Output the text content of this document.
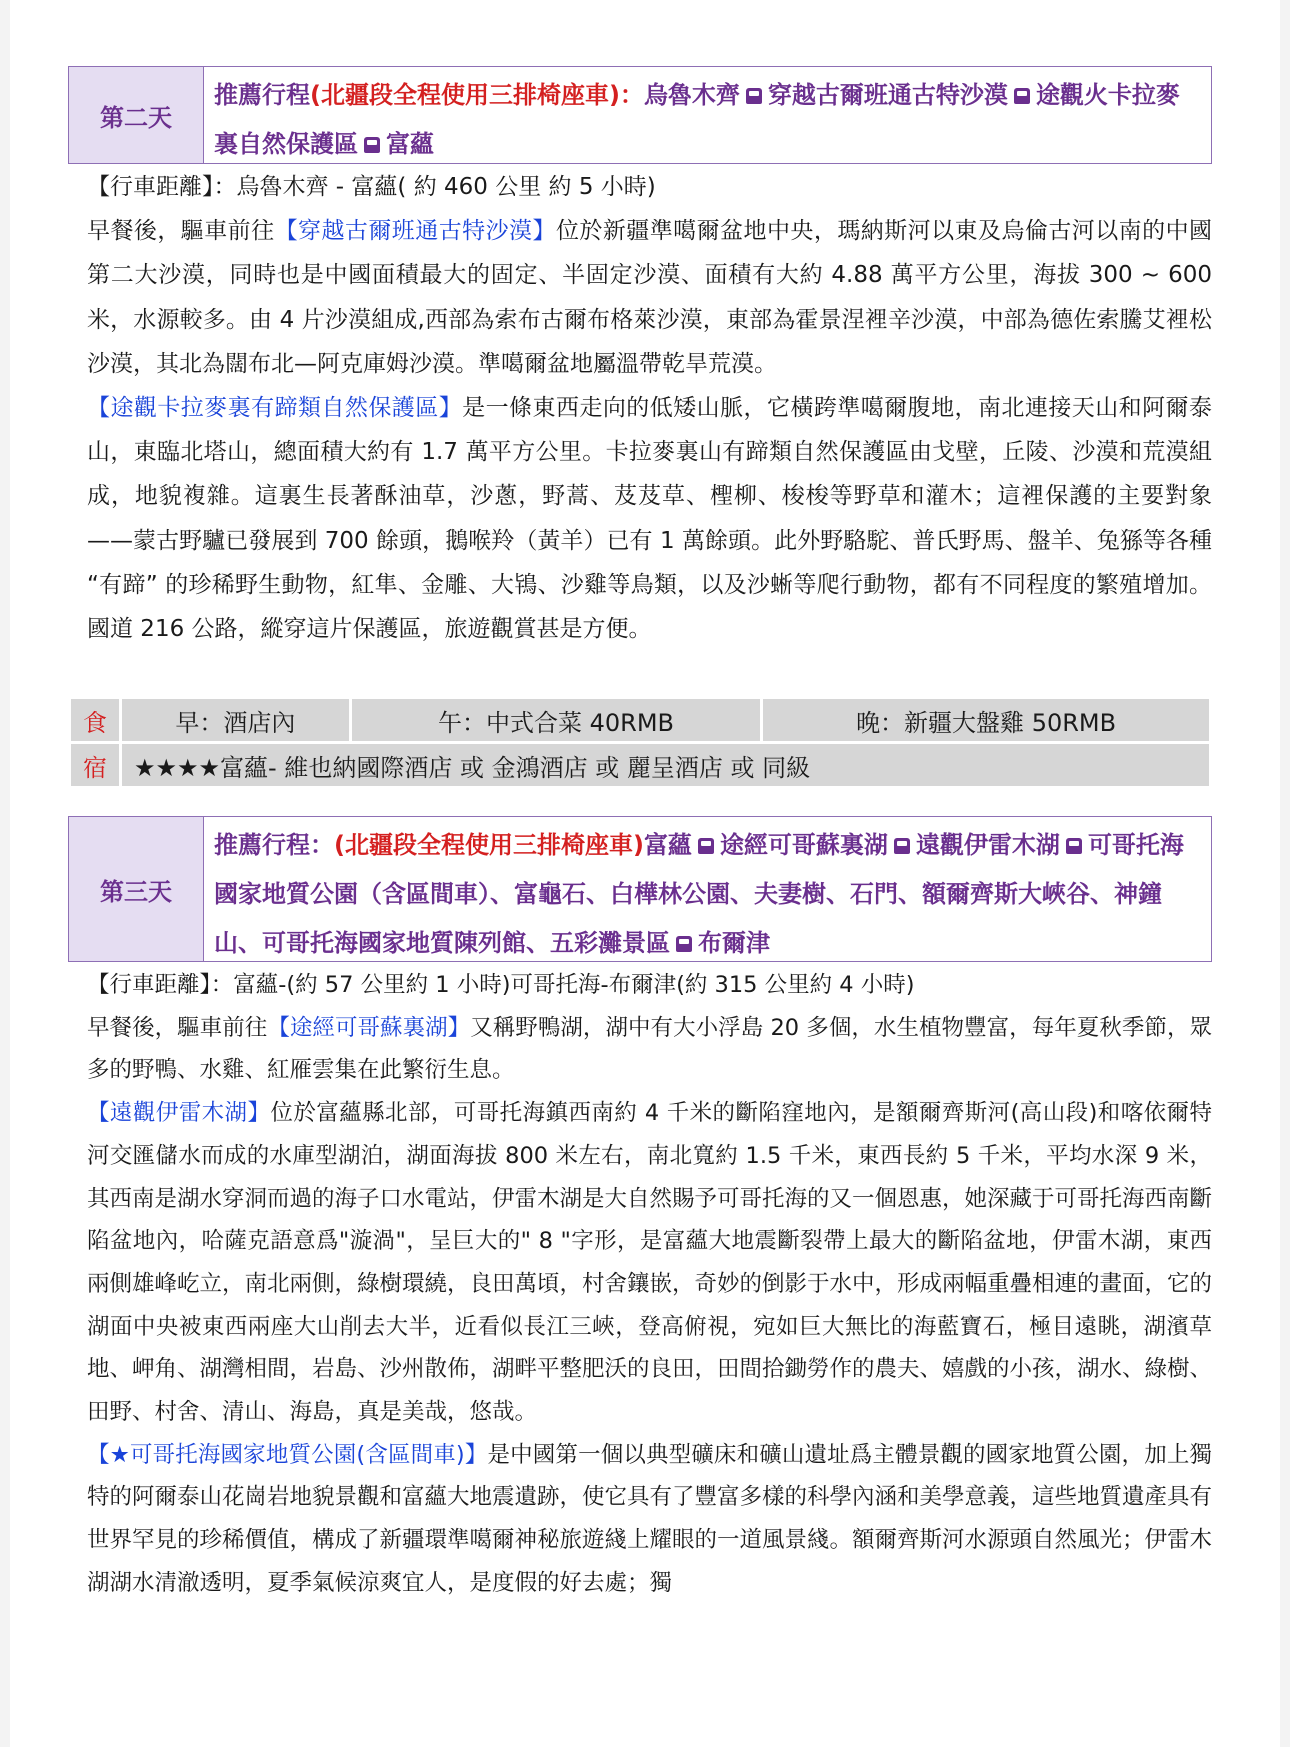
第二天
推薦行程(北疆段全程使用三排椅座車)：烏魯木齊 穿越古爾班通古特沙漠 途觀火卡拉麥裏自然保護區 富蘊

【行車距離】：烏魯木齊 - 富蘊( 約 460 公里 約 5 小時)

早餐後，驅車前往【穿越古爾班通古特沙漠】位於新疆準噶爾盆地中央，瑪納斯河以東及烏倫古河以南的中國第二大沙漠，同時也是中國面積最大的固定、半固定沙漠、面積有大約 4.88 萬平方公里，海拔 300 ~ 600 米，水源較多。由 4 片沙漠組成,西部為索布古爾布格萊沙漠，東部為霍景涅裡辛沙漠，中部為德佐索騰艾裡松沙漠，其北為闊布北—阿克庫姆沙漠。準噶爾盆地屬溫帶乾旱荒漠。

【途觀卡拉麥裏有蹄類自然保護區】是一條東西走向的低矮山脈，它橫跨準噶爾腹地，南北連接天山和阿爾泰山，東臨北塔山，總面積大約有 1.7 萬平方公里。卡拉麥裏山有蹄類自然保護區由戈壁，丘陵、沙漠和荒漠組成，地貌複雜。這裏生長著酥油草，沙蔥，野蒿、芨芨草、檉柳、梭梭等野草和灌木；這裡保護的主要對象——蒙古野驢已發展到 700 餘頭，鵝喉羚（黃羊）已有 1 萬餘頭。此外野駱駝、普氏野馬、盤羊、兔猻等各種 “有蹄” 的珍稀野生動物，紅隼、金雕、大鴇、沙雞等鳥類，以及沙蜥等爬行動物，都有不同程度的繁殖增加。國道 216 公路，縱穿這片保護區，旅遊觀賞甚是方便。

食	早：酒店內	午：中式合菜 40RMB	晚：新疆大盤雞 50RMB
宿	★★★★富蘊- 維也納國際酒店 或 金鴻酒店 或 麗呈酒店 或 同級		
第三天
推薦行程：(北疆段全程使用三排椅座車)富蘊 途經可哥蘇裏湖 遠觀伊雷木湖 可哥托海國家地質公園（含區間車）、富龜石、白樺林公園、夫妻樹、石門、額爾齊斯大峽谷、神鐘山、可哥托海國家地質陳列館、五彩灘景區 布爾津

【行車距離】：富蘊-(約 57 公里約 1 小時)可哥托海-布爾津(約 315 公里約 4 小時)

早餐後，驅車前往【途經可哥蘇裏湖】又稱野鴨湖，湖中有大小浮島 20 多個，水生植物豐富，每年夏秋季節，眾多的野鴨、水雞、紅雁雲集在此繁衍生息。

【遠觀伊雷木湖】位於富蘊縣北部，可哥托海鎮西南約 4 千米的斷陷窪地內，是額爾齊斯河(高山段)和喀依爾特河交匯儲水而成的水庫型湖泊，湖面海拔 800 米左右，南北寬約 1.5 千米，東西長約 5 千米，平均水深 9 米，其西南是湖水穿洞而過的海子口水電站，伊雷木湖是大自然賜予可哥托海的又一個恩惠，她深藏于可哥托海西南斷陷盆地內，哈薩克語意爲"漩渦"，呈巨大的" 8 "字形，是富蘊大地震斷裂帶上最大的斷陷盆地，伊雷木湖，東西兩側雄峰屹立，南北兩側，綠樹環繞，良田萬頃，村舍鑲嵌，奇妙的倒影于水中，形成兩幅重疊相連的畫面，它的湖面中央被東西兩座大山削去大半，近看似長江三峽，登高俯視，宛如巨大無比的海藍寶石，極目遠眺，湖濱草地、岬角、湖灣相間，岩島、沙州散佈，湖畔平整肥沃的良田，田間拾鋤勞作的農夫、嬉戲的小孩，湖水、綠樹、田野、村舍、清山、海島，真是美哉，悠哉。

【★可哥托海國家地質公園(含區間車)】是中國第一個以典型礦床和礦山遺址爲主體景觀的國家地質公園，加上獨特的阿爾泰山花崗岩地貌景觀和富蘊大地震遺跡，使它具有了豐富多樣的科學內涵和美學意義，這些地質遺產具有世界罕見的珍稀價值，構成了新疆環準噶爾神秘旅遊綫上耀眼的一道風景綫。額爾齊斯河水源頭自然風光；伊雷木湖湖水清澈透明，夏季氣候涼爽宜人，是度假的好去處；獨
